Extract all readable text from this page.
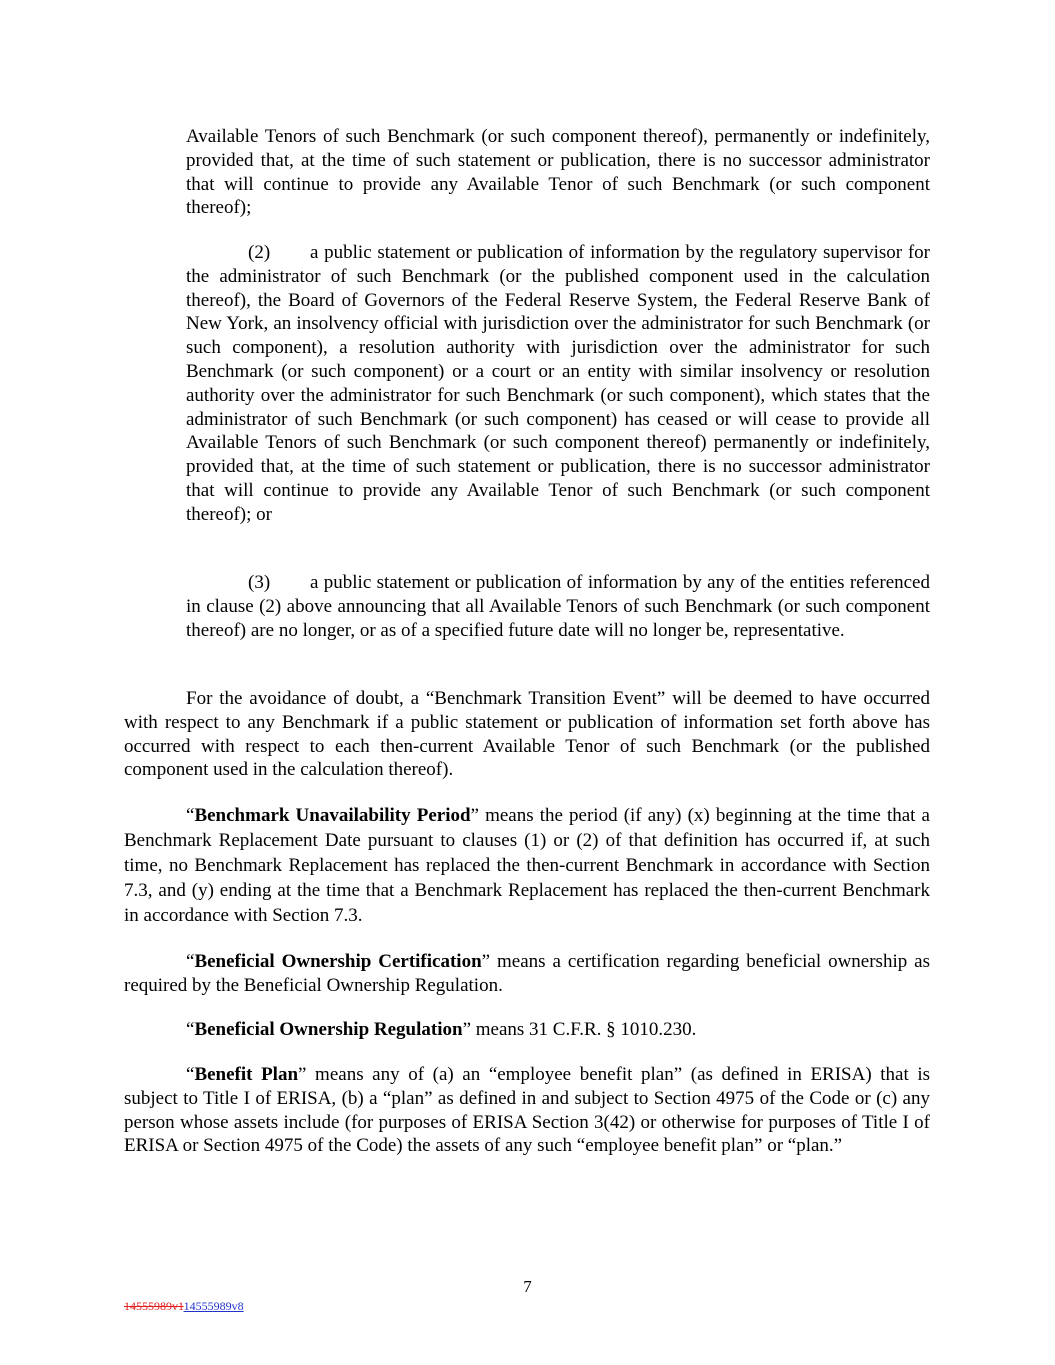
Available Tenors of such Benchmark (or such component thereof), permanently or indefinitely, provided that, at the time of such statement or publication, there is no successor administrator that will continue to provide any Available Tenor of such Benchmark (or such component thereof);

(2) a public statement or publication of information by the regulatory supervisor for the administrator of such Benchmark (or the published component used in the calculation thereof), the Board of Governors of the Federal Reserve System, the Federal Reserve Bank of New York, an insolvency official with jurisdiction over the administrator for such Benchmark (or such component), a resolution authority with jurisdiction over the administrator for such Benchmark (or such component) or a court or an entity with similar insolvency or resolution authority over the administrator for such Benchmark (or such component), which states that the administrator of such Benchmark (or such component) has ceased or will cease to provide all Available Tenors of such Benchmark (or such component thereof) permanently or indefinitely, provided that, at the time of such statement or publication, there is no successor administrator that will continue to provide any Available Tenor of such Benchmark (or such component thereof); or

(3) a public statement or publication of information by any of the entities referenced in clause (2) above announcing that all Available Tenors of such Benchmark (or such component thereof) are no longer, or as of a specified future date will no longer be, representative.

For the avoidance of doubt, a “Benchmark Transition Event” will be deemed to have occurred with respect to any Benchmark if a public statement or publication of information set forth above has occurred with respect to each then-current Available Tenor of such Benchmark (or the published component used in the calculation thereof).

“Benchmark Unavailability Period” means the period (if any) (x) beginning at the time that a Benchmark Replacement Date pursuant to clauses (1) or (2) of that definition has occurred if, at such time, no Benchmark Replacement has replaced the then-current Benchmark in accordance with Section 7.3, and (y) ending at the time that a Benchmark Replacement has replaced the then-current Benchmark in accordance with Section 7.3.

“Beneficial Ownership Certification” means a certification regarding beneficial ownership as required by the Beneficial Ownership Regulation.

“Beneficial Ownership Regulation” means 31 C.F.R. § 1010.230.

“Benefit Plan” means any of (a) an “employee benefit plan” (as defined in ERISA) that is subject to Title I of ERISA, (b) a “plan” as defined in and subject to Section 4975 of the Code or (c) any person whose assets include (for purposes of ERISA Section 3(42) or otherwise for purposes of Title I of ERISA or Section 4975 of the Code) the assets of any such “employee benefit plan” or “plan.”

7
14555989v114555989v8
